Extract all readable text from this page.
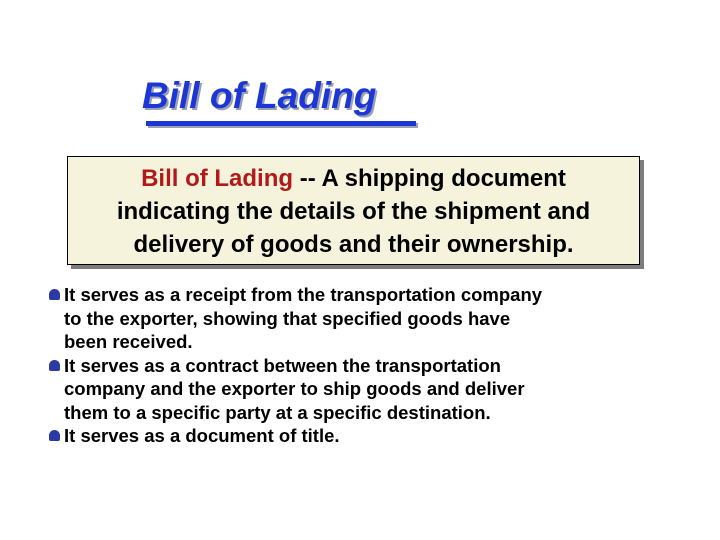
Bill of Lading
Bill of Lading -- A shipping document
indicating the details of the shipment and
delivery of goods and their ownership.
It serves as a receipt from the transportation company
to the exporter, showing that specified goods have
been received.
It serves as a contract between the transportation
company and the exporter to ship goods and deliver
them to a specific party at a specific destination.
It serves as a document of title.
